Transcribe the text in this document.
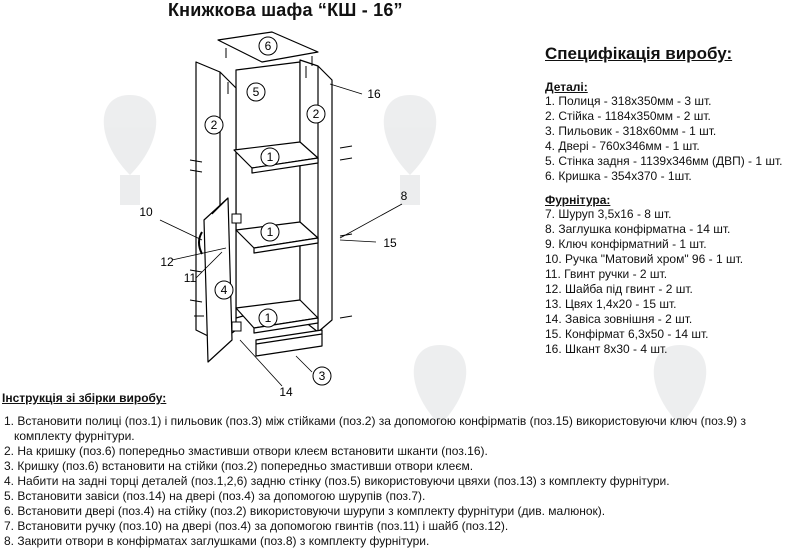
6
5
2
2
1
1
1
4
3
16
8
15
10
12
11
14
Книжкова шафа “КШ - 16”
Специфікація виробу:
Деталі:
1. Полиця - 318х350мм - 3 шт.
2. Стійка - 1184х350мм - 2 шт.
3. Пильовик - 318х60мм - 1 шт.
4. Двері - 760х346мм - 1 шт.
5. Стінка задня - 1139х346мм (ДВП) - 1 шт.
6. Кришка - 354х370 - 1шт.
Фурнітура:
7. Шуруп 3,5х16 - 8 шт.
8. Заглушка конфірматна - 14 шт.
9. Ключ конфірматний - 1 шт.
10. Ручка "Матовий хром" 96 - 1 шт.
11. Гвинт ручки - 2 шт.
12. Шайба під гвинт - 2 шт.
13. Цвях 1,4х20 - 15 шт.
14. Завіса зовнішня - 2 шт.
15. Конфірмат 6,3х50 - 14 шт.
16. Шкант 8х30 - 4 шт.
Інструкція зі збірки виробу:
1. Встановити полиці (поз.1) і пильовик (поз.3) між стійками (поз.2) за допомогою конфірматів (поз.15) використовуючи ключ (поз.9) з
комплекту фурнітури.
2. На кришку (поз.6) попередньо змастивши отвори клеєм встановити шканти (поз.16).
3. Кришку (поз.6) встановити на стійки (поз.2) попередньо змастивши отвори клеєм.
4. Набити на задні торці деталей (поз.1,2,6) задню стінку (поз.5) використовуючи цвяхи (поз.13) з комплекту фурнітури.
5. Встановити завіси (поз.14) на двері (поз.4) за допомогою шурупів (поз.7).
6. Встановити двері (поз.4) на стійку (поз.2) використовуючи шурупи з комплекту фурнітури (див. малюнок).
7. Встановити ручку (поз.10) на двері (поз.4) за допомогою гвинтів (поз.11) і шайб (поз.12).
8. Закрити отвори в конфірматах заглушками (поз.8) з комплекту фурнітури.
